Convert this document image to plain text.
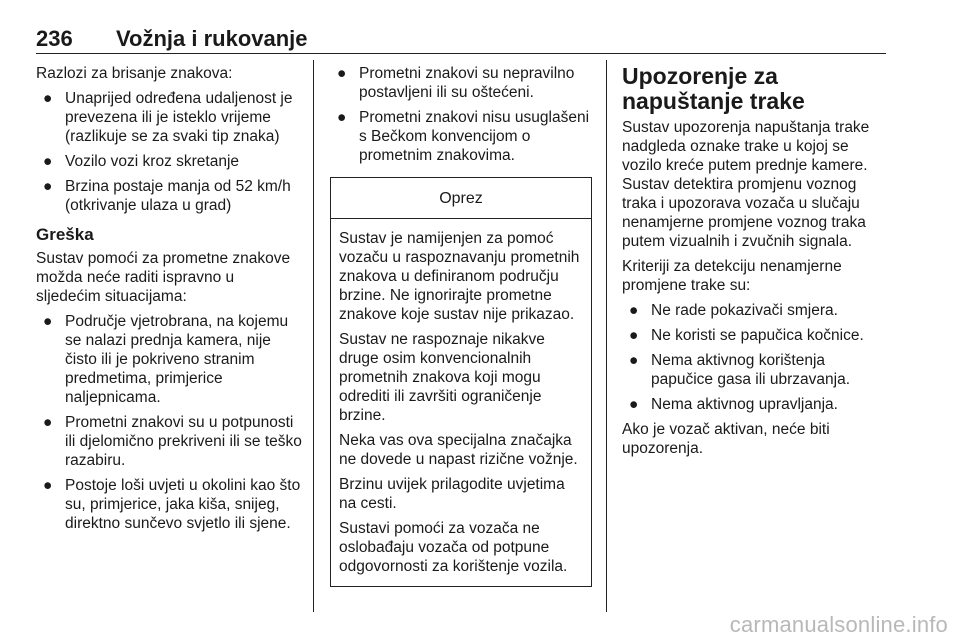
236 Vožnja i rukovanje

Razlozi za brisanje znakova:

● Unaprijed određena udaljenost je prevezena ili je isteklo vrijeme (razlikuje se za svaki tip znaka)
● Vozilo vozi kroz skretanje
● Brzina postaje manja od 52 km/h (otkrivanje ulaza u grad)
Greška

Sustav pomoći za prometne znakove možda neće raditi ispravno u sljedećim situacijama:

● Područje vjetrobrana, na kojemu se nalazi prednja kamera, nije čisto ili je pokriveno stranim predmetima, primjerice naljepnicama.
● Prometni znakovi su u potpunosti ili djelomično prekriveni ili se teško razabiru.
● Postoje loši uvjeti u okolini kao što su, primjerice, jaka kiša, snijeg, direktno sunčevo svjetlo ili sjene.
● Prometni znakovi su nepravilno postavljeni ili su oštećeni.
● Prometni znakovi nisu usuglašeni s Bečkom konvencijom o prometnim znakovima.
Oprez

Sustav je namijenjen za pomoć vozaču u raspoznavanju prometnih znakova u definiranom području brzine. Ne ignorirajte prometne znakove koje sustav nije prikazao.

Sustav ne raspoznaje nikakve druge osim konvencionalnih prometnih znakova koji mogu odrediti ili završiti ograničenje brzine.

Neka vas ova specijalna značajka ne dovede u napast rizične vožnje.

Brzinu uvijek prilagodite uvjetima na cesti.

Sustavi pomoći za vozača ne oslobađaju vozača od potpune odgovornosti za korištenje vozila.

Upozorenje za napuštanje trake

Sustav upozorenja napuštanja trake nadgleda oznake trake u kojoj se vozilo kreće putem prednje kamere. Sustav detektira promjenu voznog traka i upozorava vozača u slučaju nenamjerne promjene voznog traka putem vizualnih i zvučnih signala.

Kriteriji za detekciju nenamjerne promjene trake su:

● Ne rade pokazivači smjera.
● Ne koristi se papučica kočnice.
● Nema aktivnog korištenja papučice gasa ili ubrzavanja.
● Nema aktivnog upravljanja.

Ako je vozač aktivan, neće biti upozorenja.

carmanualsonline.info
